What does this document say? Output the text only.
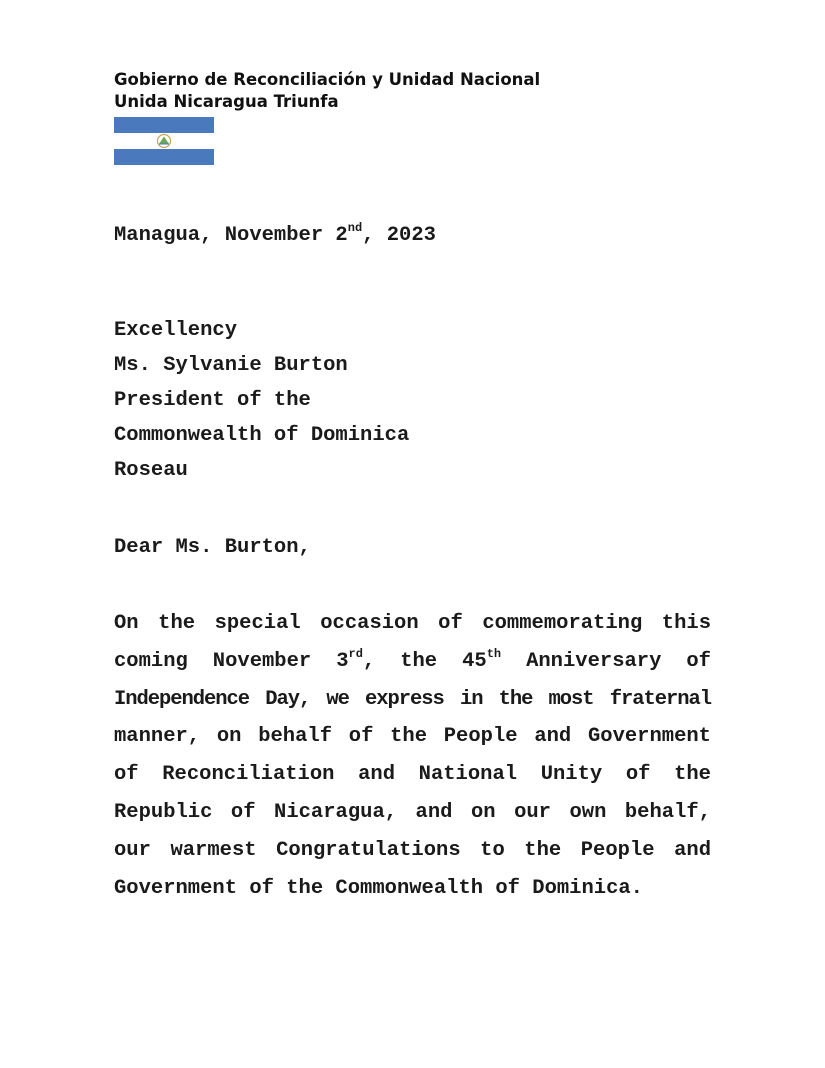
Gobierno de Reconciliación y Unidad Nacional
Unida Nicaragua Triunfa
Managua, November 2nd, 2023
Excellency
Ms. Sylvanie Burton
President of the
Commonwealth of Dominica
Roseau
Dear Ms. Burton,
On the special occasion of commemorating this
coming November 3rd, the 45th Anniversary of
Independence Day, we express in the most fraternal
manner, on behalf of the People and Government
of Reconciliation and National Unity of the
Republic of Nicaragua, and on our own behalf,
our warmest Congratulations to the People and
Government of the Commonwealth of Dominica.
